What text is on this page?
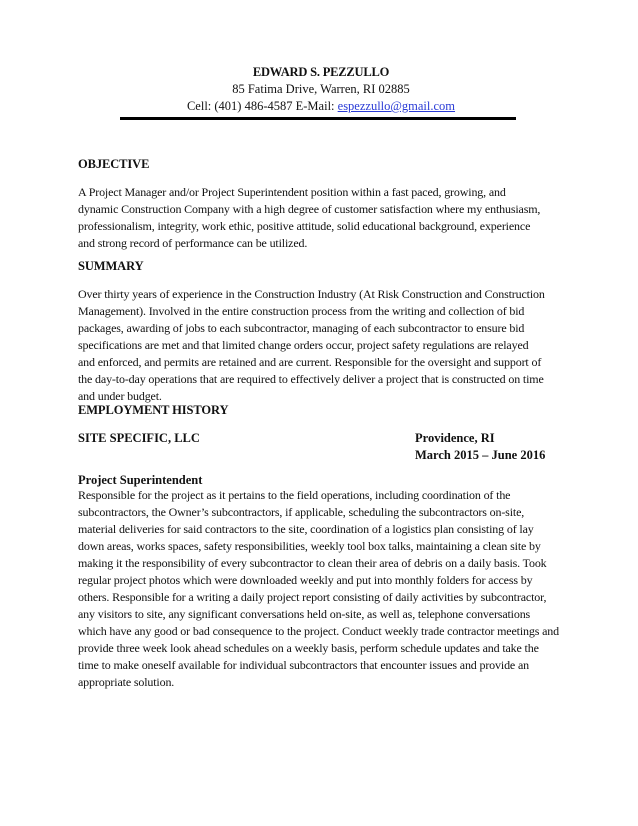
EDWARD S. PEZZULLO
85 Fatima Drive, Warren, RI 02885
Cell: (401) 486-4587 E-Mail: espezzullo@gmail.com
OBJECTIVE
A Project Manager and/or Project Superintendent position within a fast paced, growing, and dynamic Construction Company with a high degree of customer satisfaction where my enthusiasm, professionalism, integrity, work ethic, positive attitude, solid educational background, experience and strong record of performance can be utilized.
SUMMARY
Over thirty years of experience in the Construction Industry (At Risk Construction and Construction Management). Involved in the entire construction process from the writing and collection of bid packages, awarding of jobs to each subcontractor, managing of each subcontractor to ensure bid specifications are met and that limited change orders occur, project safety regulations are relayed and enforced, and permits are retained and are current. Responsible for the oversight and support of the day-to-day operations that are required to effectively deliver a project that is constructed on time and under budget.
EMPLOYMENT HISTORY
SITE SPECIFIC, LLC	Providence, RI
March 2015 – June 2016
Project Superintendent
Responsible for the project as it pertains to the field operations, including coordination of the subcontractors, the Owner’s subcontractors, if applicable, scheduling the subcontractors on-site, material deliveries for said contractors to the site, coordination of a logistics plan consisting of lay down areas, works spaces, safety responsibilities, weekly tool box talks, maintaining a clean site by making it the responsibility of every subcontractor to clean their area of debris on a daily basis. Took regular project photos which were downloaded weekly and put into monthly folders for access by others. Responsible for a writing a daily project report consisting of daily activities by subcontractor, any visitors to site, any significant conversations held on-site, as well as, telephone conversations which have any good or bad consequence to the project. Conduct weekly trade contractor meetings and provide three week look ahead schedules on a weekly basis, perform schedule updates and take the time to make oneself available for individual subcontractors that encounter issues and provide an appropriate solution.
